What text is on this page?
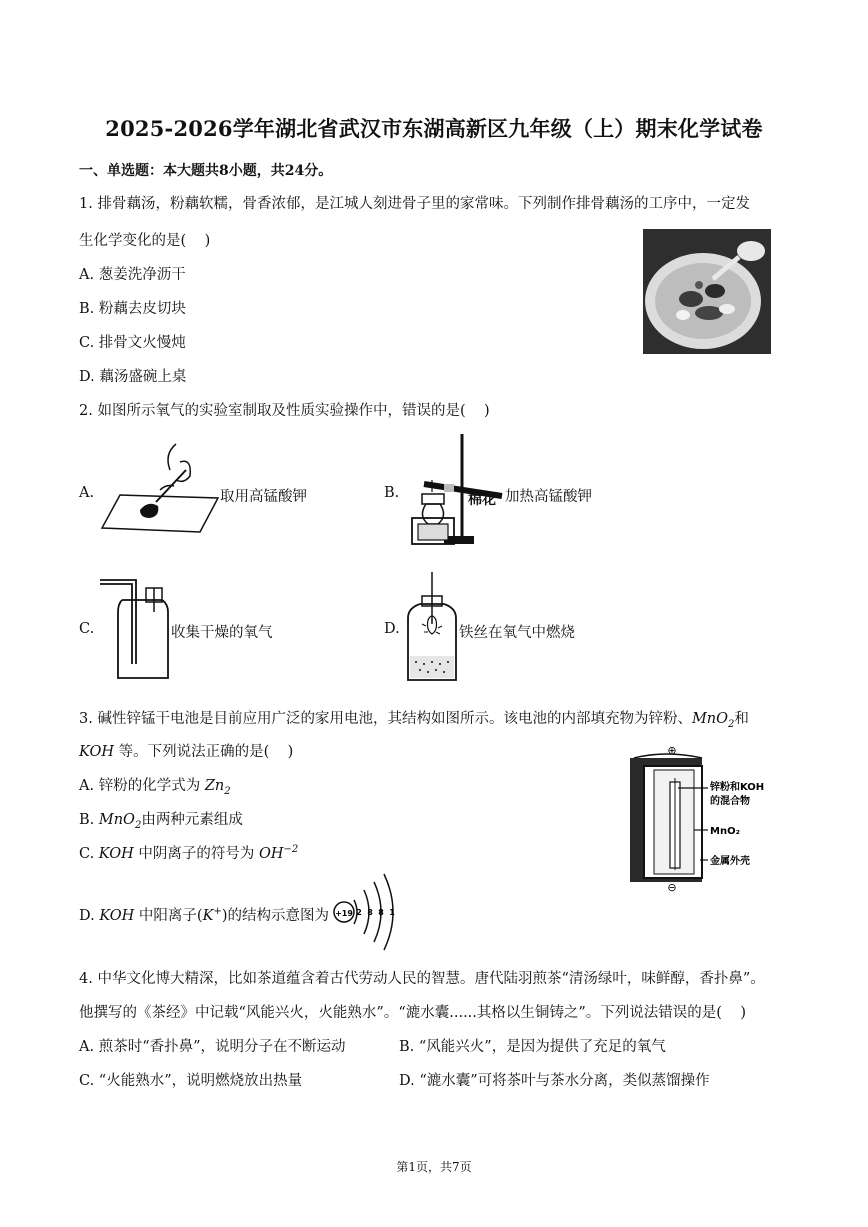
2025-2026学年湖北省武汉市东湖高新区九年级（上）期末化学试卷
一、单选题：本大题共8小题，共24分。
1. 排骨藕汤，粉藕软糯，骨香浓郁，是江城人刻进骨子里的家常味。下列制作排骨藕汤的工序中，一定发
生化学变化的是(    )
A. 葱姜洗净沥干
B. 粉藕去皮切块
C. 排骨文火慢炖
D. 藕汤盛碗上桌
2. 如图所示氧气的实验室制取及性质实验操作中，错误的是(    )
A.	取用高锰酸钾	B.	棉花 加热高锰酸钾
C.	收集干燥的氧气	D.	铁丝在氧气中燃烧
3. 碱性锌锰干电池是目前应用广泛的家用电池，其结构如图所示。该电池的内部填充物为锌粉、MnO$_2$和
KOH 等。下列说法正确的是(    )
A. 锌粉的化学式为 $Zn_2$
B. MnO$_2$由两种元素组成
C. KOH 中阴离子的符号为 $OH^{-2}$
D. KOH 中阳离子(K+)的结构示意图为 +19 2 8 8 1
⊕
⊖
锌粉和KOH
的混合物
MnO₂
金属外壳
4. 中华文化博大精深，比如茶道蕴含着古代劳动人民的智慧。唐代陆羽煎茶“清汤绿叶，味鲜醇，香扑鼻”。
他撰写的《茶经》中记载“风能兴火，火能熟水”。“漉水囊......其格以生铜铸之”。下列说法错误的是(    )
A. 煎茶时“香扑鼻”，说明分子在不断运动	B. “风能兴火”，是因为提供了充足的氧气
C. “火能熟水”，说明燃烧放出热量	D. “漉水囊”可将茶叶与茶水分离，类似蒸馏操作
第1页，共7页
